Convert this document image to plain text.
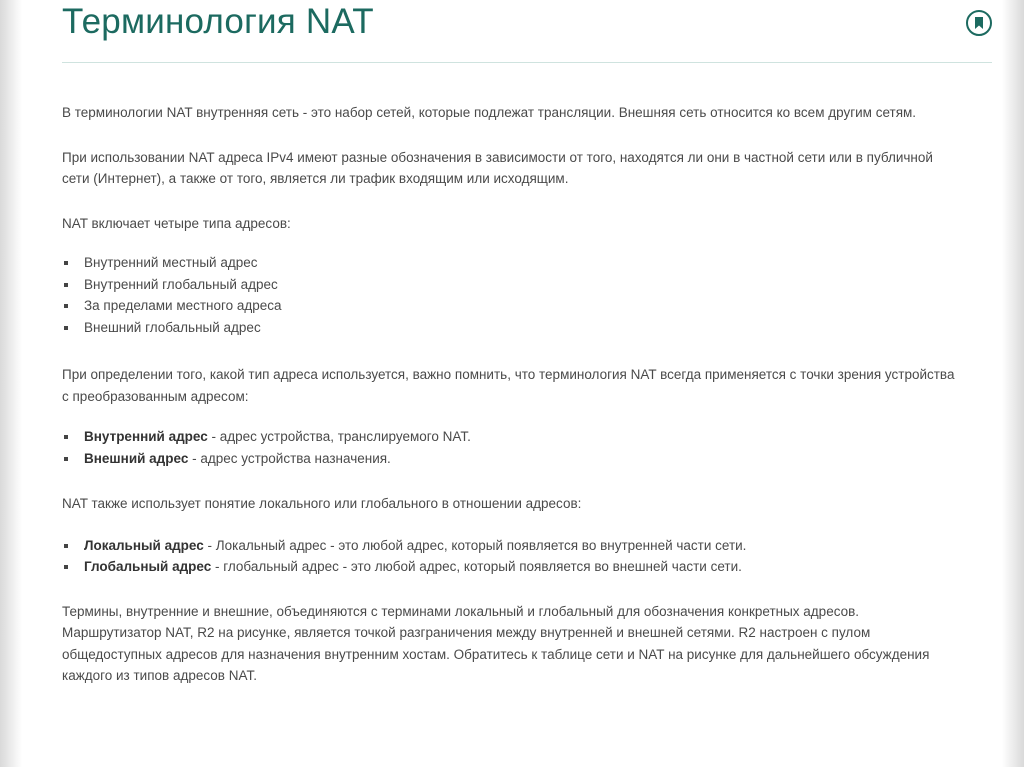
Терминология NAT

В терминологии NAT внутренняя сеть - это набор сетей, которые подлежат трансляции. Внешняя сеть относится ко всем другим сетям.

При использовании NAT адреса IPv4 имеют разные обозначения в зависимости от того, находятся ли они в частной сети или в публичной сети (Интернет), а также от того, является ли трафик входящим или исходящим.

NAT включает четыре типа адресов:

Внутренний местный адрес
Внутренний глобальный адрес
За пределами местного адреса
Внешний глобальный адрес

При определении того, какой тип адреса используется, важно помнить, что терминология NAT всегда применяется с точки зрения устройства с преобразованным адресом:

Внутренний адрес - адрес устройства, транслируемого NAT.
Внешний адрес - адрес устройства назначения.

NAT также использует понятие локального или глобального в отношении адресов:

Локальный адрес - Локальный адрес - это любой адрес, который появляется во внутренней части сети.
Глобальный адрес - глобальный адрес - это любой адрес, который появляется во внешней части сети.

Термины, внутренние и внешние, объединяются с терминами локальный и глобальный для обозначения конкретных адресов. Маршрутизатор NAT, R2 на рисунке, является точкой разграничения между внутренней и внешней сетями. R2 настроен с пулом общедоступных адресов для назначения внутренним хостам. Обратитесь к таблице сети и NAT на рисунке для дальнейшего обсуждения каждого из типов адресов NAT.
